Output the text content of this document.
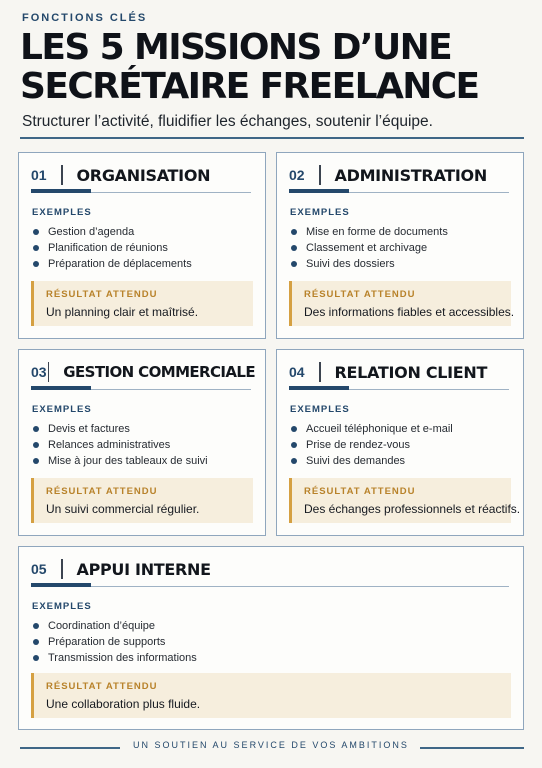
FONCTIONS CLÉS
LES 5 MISSIONS D’UNE
SECRÉTAIRE FREELANCE
Structurer l’activité, fluidifier les échanges, soutenir l’équipe.
01	ORGANISATION
EXEMPLES
Gestion d’agenda
Planification de réunions
Préparation de déplacements
RÉSULTAT ATTENDU
Un planning clair et maîtrisé.
02	ADMINISTRATION
EXEMPLES
Mise en forme de documents
Classement et archivage
Suivi des dossiers
RÉSULTAT ATTENDU
Des informations fiables et accessibles.
03 GESTION COMMERCIALE
EXEMPLES
Devis et factures
Relances administratives
Mise à jour des tableaux de suivi
RÉSULTAT ATTENDU
Un suivi commercial régulier.
04	RELATION CLIENT
EXEMPLES
Accueil téléphonique et e-mail
Prise de rendez-vous
Suivi des demandes
RÉSULTAT ATTENDU
Des échanges professionnels et réactifs.
05	APPUI INTERNE
EXEMPLES
Coordination d’équipe
Préparation de supports
Transmission des informations
RÉSULTAT ATTENDU
Une collaboration plus fluide.
UN SOUTIEN AU SERVICE DE VOS AMBITIONS
